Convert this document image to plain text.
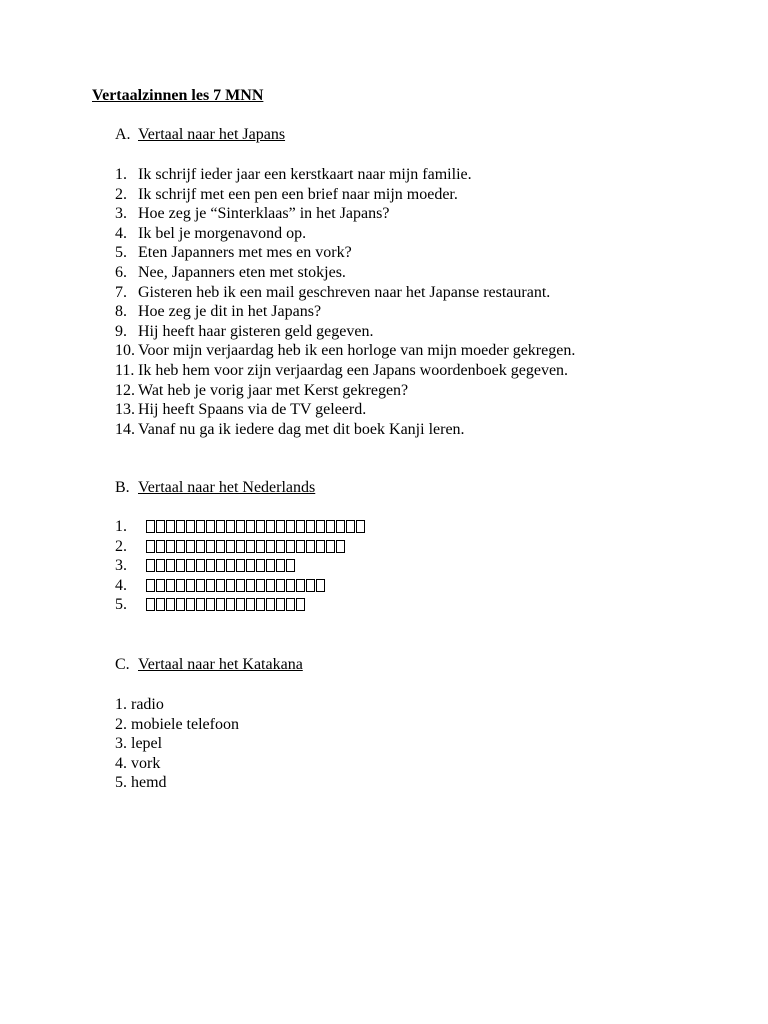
Vertaalzinnen les 7 MNN
A. Vertaal naar het Japans
1. Ik schrijf ieder jaar een kerstkaart naar mijn familie.
2. Ik schrijf met een pen een brief naar mijn moeder.
3. Hoe zeg je “Sinterklaas” in het Japans?
4. Ik bel je morgenavond op.
5. Eten Japanners met mes en vork?
6. Nee, Japanners eten met stokjes.
7. Gisteren heb ik een mail geschreven naar het Japanse restaurant.
8. Hoe zeg je dit in het Japans?
9. Hij heeft haar gisteren geld gegeven.
10. Voor mijn verjaardag heb ik een horloge van mijn moeder gekregen.
11. Ik heb hem voor zijn verjaardag een Japans woordenboek gegeven.
12. Wat heb je vorig jaar met Kerst gekregen?
13. Hij heeft Spaans via de TV geleerd.
14. Vanaf nu ga ik iedere dag met dit boek Kanji leren.
B. Vertaal naar het Nederlands
1.
2.
3.
4.
5.
C. Vertaal naar het Katakana
1. radio
2. mobiele telefoon
3. lepel
4. vork
5. hemd
